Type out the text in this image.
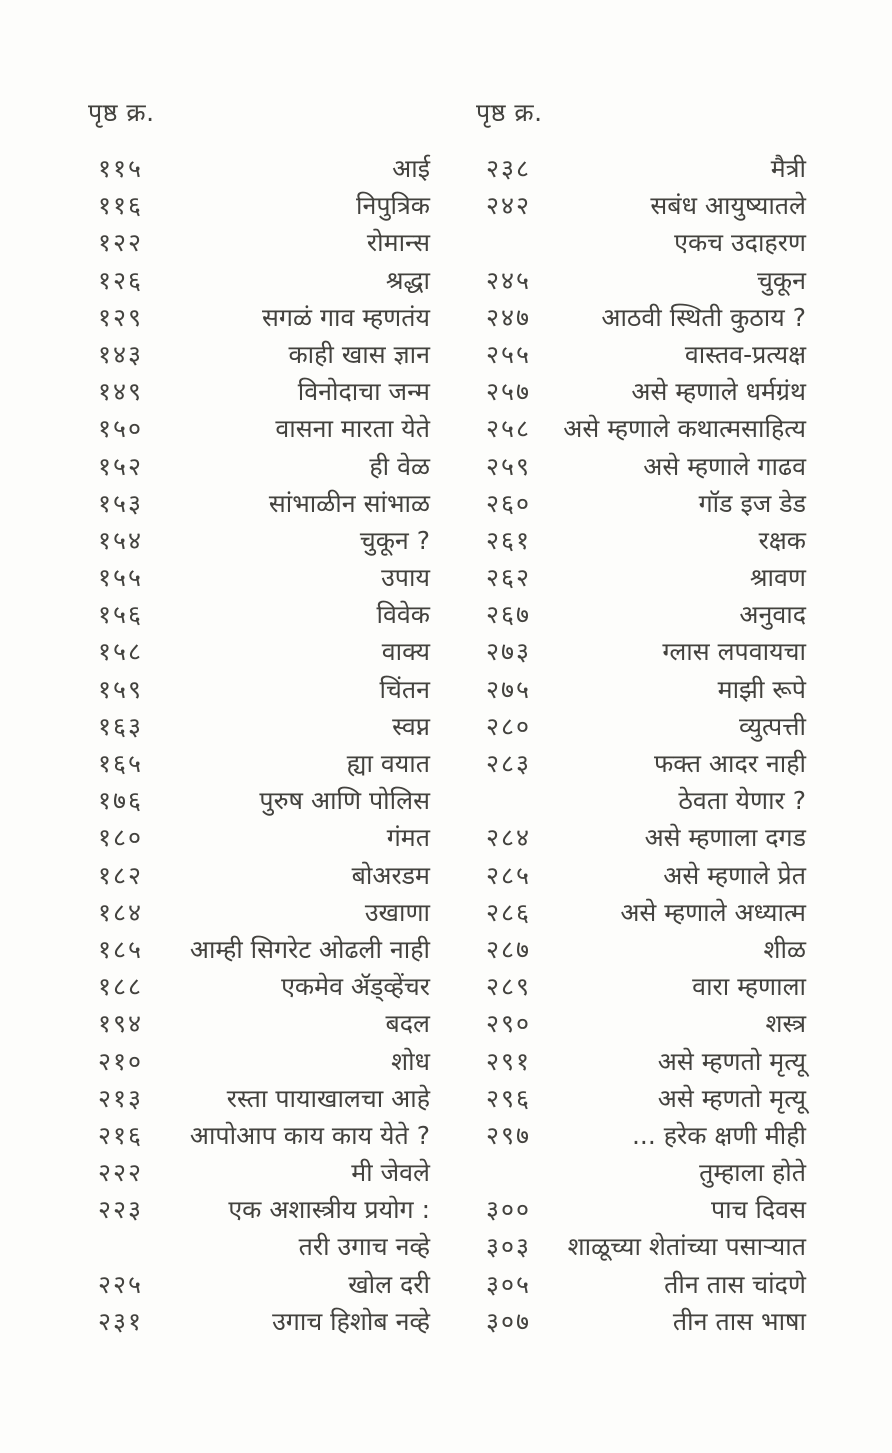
पृष्ठ क्र.
११५	आई
११६	निपुत्रिक
१२२	रोमान्स
१२६	श्रद्धा
१२९	सगळं गाव म्हणतंय
१४३	काही खास ज्ञान
१४९	विनोदाचा जन्म
१५०	वासना मारता येते
१५२	ही वेळ
१५३	सांभाळीन सांभाळ
१५४	चुकून ?
१५५	उपाय
१५६	विवेक
१५८	वाक्य
१५९	चिंतन
१६३	स्वप्न
१६५	ह्या वयात
१७६	पुरुष आणि पोलिस
१८०	गंमत
१८२	बोअरडम
१८४	उखाणा
१८५	आम्ही सिगरेट ओढली नाही
१८८	एकमेव ॲड्व्हेंचर
१९४	बदल
२१०	शोध
२१३	रस्ता पायाखालचा आहे
२१६	आपोआप काय काय येते ?
२२२	मी जेवले
२२३	एक अशास्त्रीय प्रयोग :
तरी उगाच नव्हे
२२५	खोल दरी
२३१	उगाच हिशोब नव्हे
पृष्ठ क्र.
२३८	मैत्री
२४२	सबंध आयुष्यातले
एकच उदाहरण
२४५	चुकून
२४७	आठवी स्थिती कुठाय ?
२५५	वास्तव-प्रत्यक्ष
२५७	असे म्हणाले धर्मग्रंथ
२५८	असे म्हणाले कथात्मसाहित्य
२५९	असे म्हणाले गाढव
२६०	गॉड इज डेड
२६१	रक्षक
२६२	श्रावण
२६७	अनुवाद
२७३	ग्लास लपवायचा
२७५	माझी रूपे
२८०	व्युत्पत्ती
२८३	फक्त आदर नाही
ठेवता येणार ?
२८४	असे म्हणाला दगड
२८५	असे म्हणाले प्रेत
२८६	असे म्हणाले अध्यात्म
२८७	शीळ
२८९	वारा म्हणाला
२९०	शस्त्र
२९१	असे म्हणतो मृत्यू
२९६	असे म्हणतो मृत्यू
२९७	... हरेक क्षणी मीही
तुम्हाला होते
३००	पाच दिवस
३०३	शाळूच्या शेतांच्या पसाऱ्यात
३०५	तीन तास चांदणे
३०७	तीन तास भाषा
